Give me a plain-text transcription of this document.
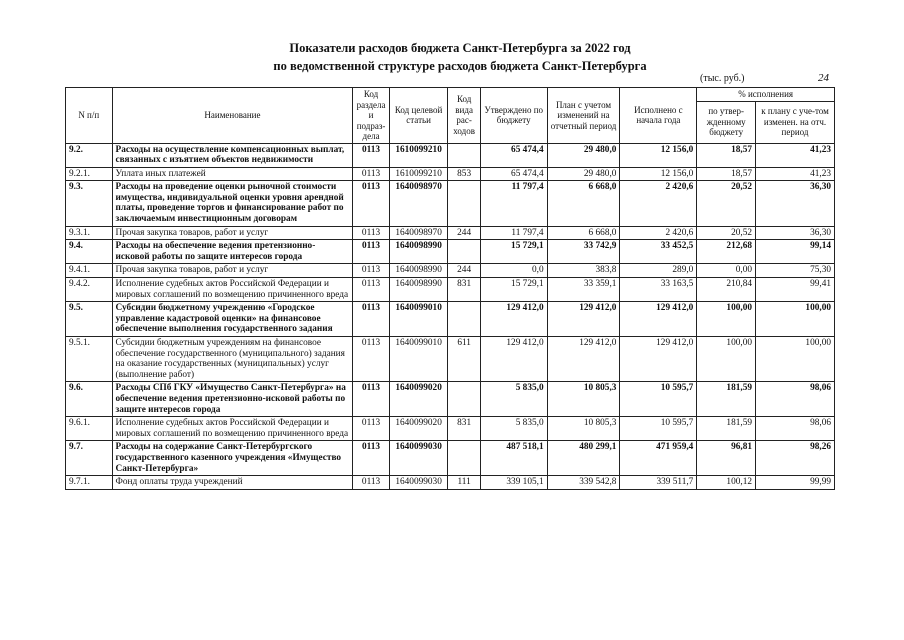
Показатели расходов бюджета Санкт-Петербурга за 2022 год
по ведомственной структуре расходов бюджета Санкт-Петербурга
(тыс. руб.)	24
N п/п	Наименование	Код раздела и подраз-дела	Код целевой статьи	Код вида рас-ходов	Утверждено по бюджету	План с учетом изменений на отчетный период	Исполнено с начала года	% исполнения	
								по утвер-жденному бюджету	к плану с уче-том изменен. на отч. период
9.2.	Расходы на осуществление компенсационных выплат, связанных с изъятием объектов недвижимости	0113	1610099210		65 474,4	29 480,0	12 156,0	18,57	41,23
9.2.1.	Уплата иных платежей	0113	1610099210	853	65 474,4	29 480,0	12 156,0	18,57	41,23
9.3.	Расходы на проведение оценки рыночной стоимости имущества, индивидуальной оценки уровня арендной платы, проведение торгов и финансирование работ по заключаемым инвестиционным договорам	0113	1640098970		11 797,4	6 668,0	2 420,6	20,52	36,30
9.3.1.	Прочая закупка товаров, работ и услуг	0113	1640098970	244	11 797,4	6 668,0	2 420,6	20,52	36,30
9.4.	Расходы на обеспечение ведения претензионно-исковой работы по защите интересов города	0113	1640098990		15 729,1	33 742,9	33 452,5	212,68	99,14
9.4.1.	Прочая закупка товаров, работ и услуг	0113	1640098990	244	0,0	383,8	289,0	0,00	75,30
9.4.2.	Исполнение судебных актов Российской Федерации и мировых соглашений по возмещению причиненного вреда	0113	1640098990	831	15 729,1	33 359,1	33 163,5	210,84	99,41
9.5.	Субсидии бюджетному учреждению «Городское управление кадастровой оценки» на финансовое обеспечение выполнения государственного задания	0113	1640099010		129 412,0	129 412,0	129 412,0	100,00	100,00
9.5.1.	Субсидии бюджетным учреждениям на финансовое обеспечение государственного (муниципального) задания на оказание государственных (муниципальных) услуг (выполнение работ)	0113	1640099010	611	129 412,0	129 412,0	129 412,0	100,00	100,00
9.6.	Расходы СПб ГКУ «Имущество Санкт-Петербурга» на обеспечение ведения претензионно-исковой работы по защите интересов города	0113	1640099020		5 835,0	10 805,3	10 595,7	181,59	98,06
9.6.1.	Исполнение судебных актов Российской Федерации и мировых соглашений по возмещению причиненного вреда	0113	1640099020	831	5 835,0	10 805,3	10 595,7	181,59	98,06
9.7.	Расходы на содержание Санкт-Петербургского государственного казенного учреждения «Имущество Санкт-Петербурга»	0113	1640099030		487 518,1	480 299,1	471 959,4	96,81	98,26
9.7.1.	Фонд оплаты труда учреждений	0113	1640099030	111	339 105,1	339 542,8	339 511,7	100,12	99,99
